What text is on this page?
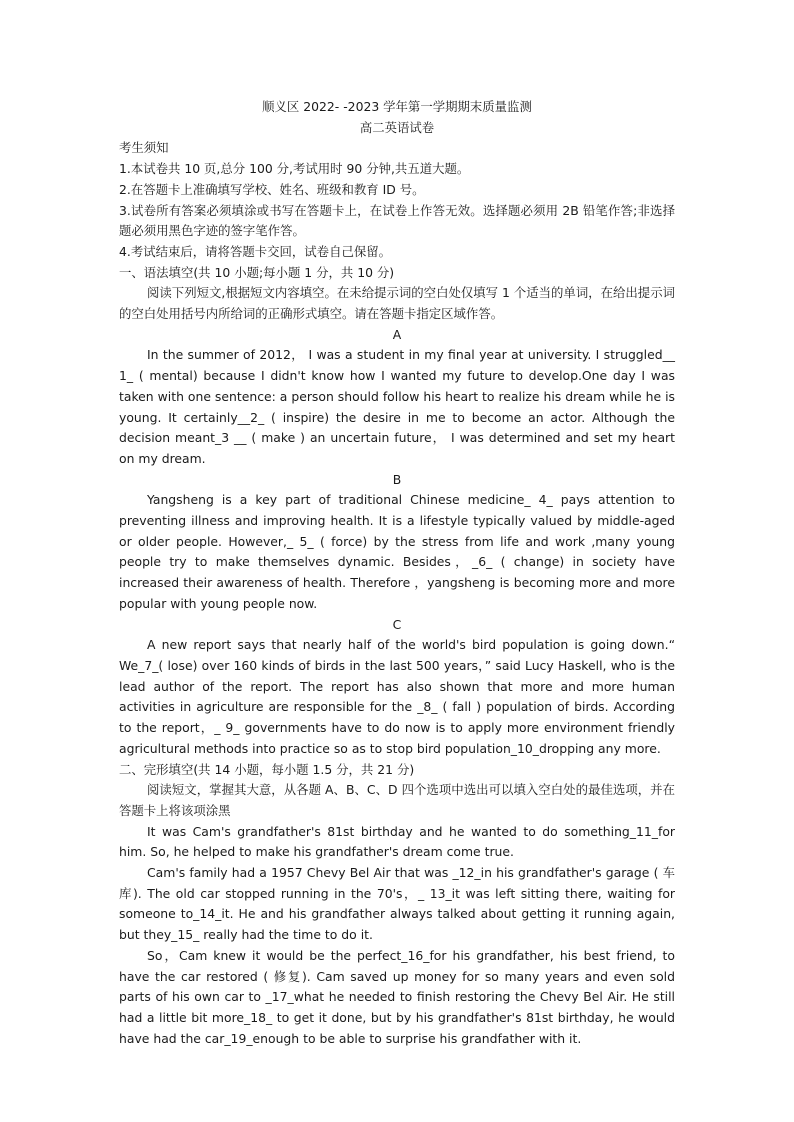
顺义区 2022- -2023 学年第一学期期末质量监测
高二英语试卷
考生须知
1.本试卷共 10 页,总分 100 分,考试用时 90 分钟,共五道大题。
2.在答题卡上准确填写学校、姓名、班级和教育 ID 号。

3.试卷所有答案必须填涂或书写在答题卡上，在试卷上作答无效。选择题必须用 2B 铅笔作答;非选择题必须用黑色字迹的签字笔作答。

4.考试结束后，请将答题卡交回，试卷自己保留。
一、语法填空(共 10 小题;每小题 1 分，共 10 分)

阅读下列短文,根据短文内容填空。在未给提示词的空白处仅填写 1 个适当的单词，在给出提示词的空白处用括号内所给词的正确形式填空。请在答题卡指定区域作答。

A

In the summer of 2012， I was a student in my final year at university. I struggled__ 1_ ( mental) because I didn't know how I wanted my future to develop.One day I was taken with one sentence: a person should follow his heart to realize his dream while he is young. It certainly__2_ ( inspire) the desire in me to become an actor. Although the decision meant_3 __ ( make ) an uncertain future， I was determined and set my heart on my dream.

B

Yangsheng is a key part of traditional Chinese medicine_ 4_ pays attention to preventing illness and improving health. It is a lifestyle typically valued by middle-aged or older people. However,_ 5_ ( force) by the stress from life and work ,many young people try to make themselves dynamic. Besides，_6_ ( change) in society have increased their awareness of health. Therefore ，yangsheng is becoming more and more popular with young people now.

C

A new report says that nearly half of the world's bird population is going down.“ We_7_( lose) over 160 kinds of birds in the last 500 years，” said Lucy Haskell, who is the lead author of the report. The report has also shown that more and more human activities in agriculture are responsible for the _8_ ( fall ) population of birds. According to the report，_ 9_ governments have to do now is to apply more environment friendly agricultural methods into practice so as to stop bird population_10_dropping any more.

二、完形填空(共 14 小题，每小题 1.5 分，共 21 分)

阅读短文，掌握其大意，从各题 A、B、C、D 四个选项中选出可以填入空白处的最佳选项，并在答题卡上将该项涂黑

It was Cam's grandfather's 81st birthday and he wanted to do something_11_for him. So, he helped to make his grandfather's dream come true.

Cam's family had a 1957 Chevy Bel Air that was _12_in his grandfather's garage ( 车库). The old car stopped running in the 70's，_ 13_it was left sitting there, waiting for someone to_14_it. He and his grandfather always talked about getting it running again, but they_15_ really had the time to do it.

So，Cam knew it would be the perfect_16_for his grandfather, his best friend, to have the car restored ( 修复). Cam saved up money for so many years and even sold parts of his own car to _17_what he needed to finish restoring the Chevy Bel Air. He still had a little bit more_18_ to get it done, but by his grandfather's 81st birthday, he would have had the car_19_enough to be able to surprise his grandfather with it.
